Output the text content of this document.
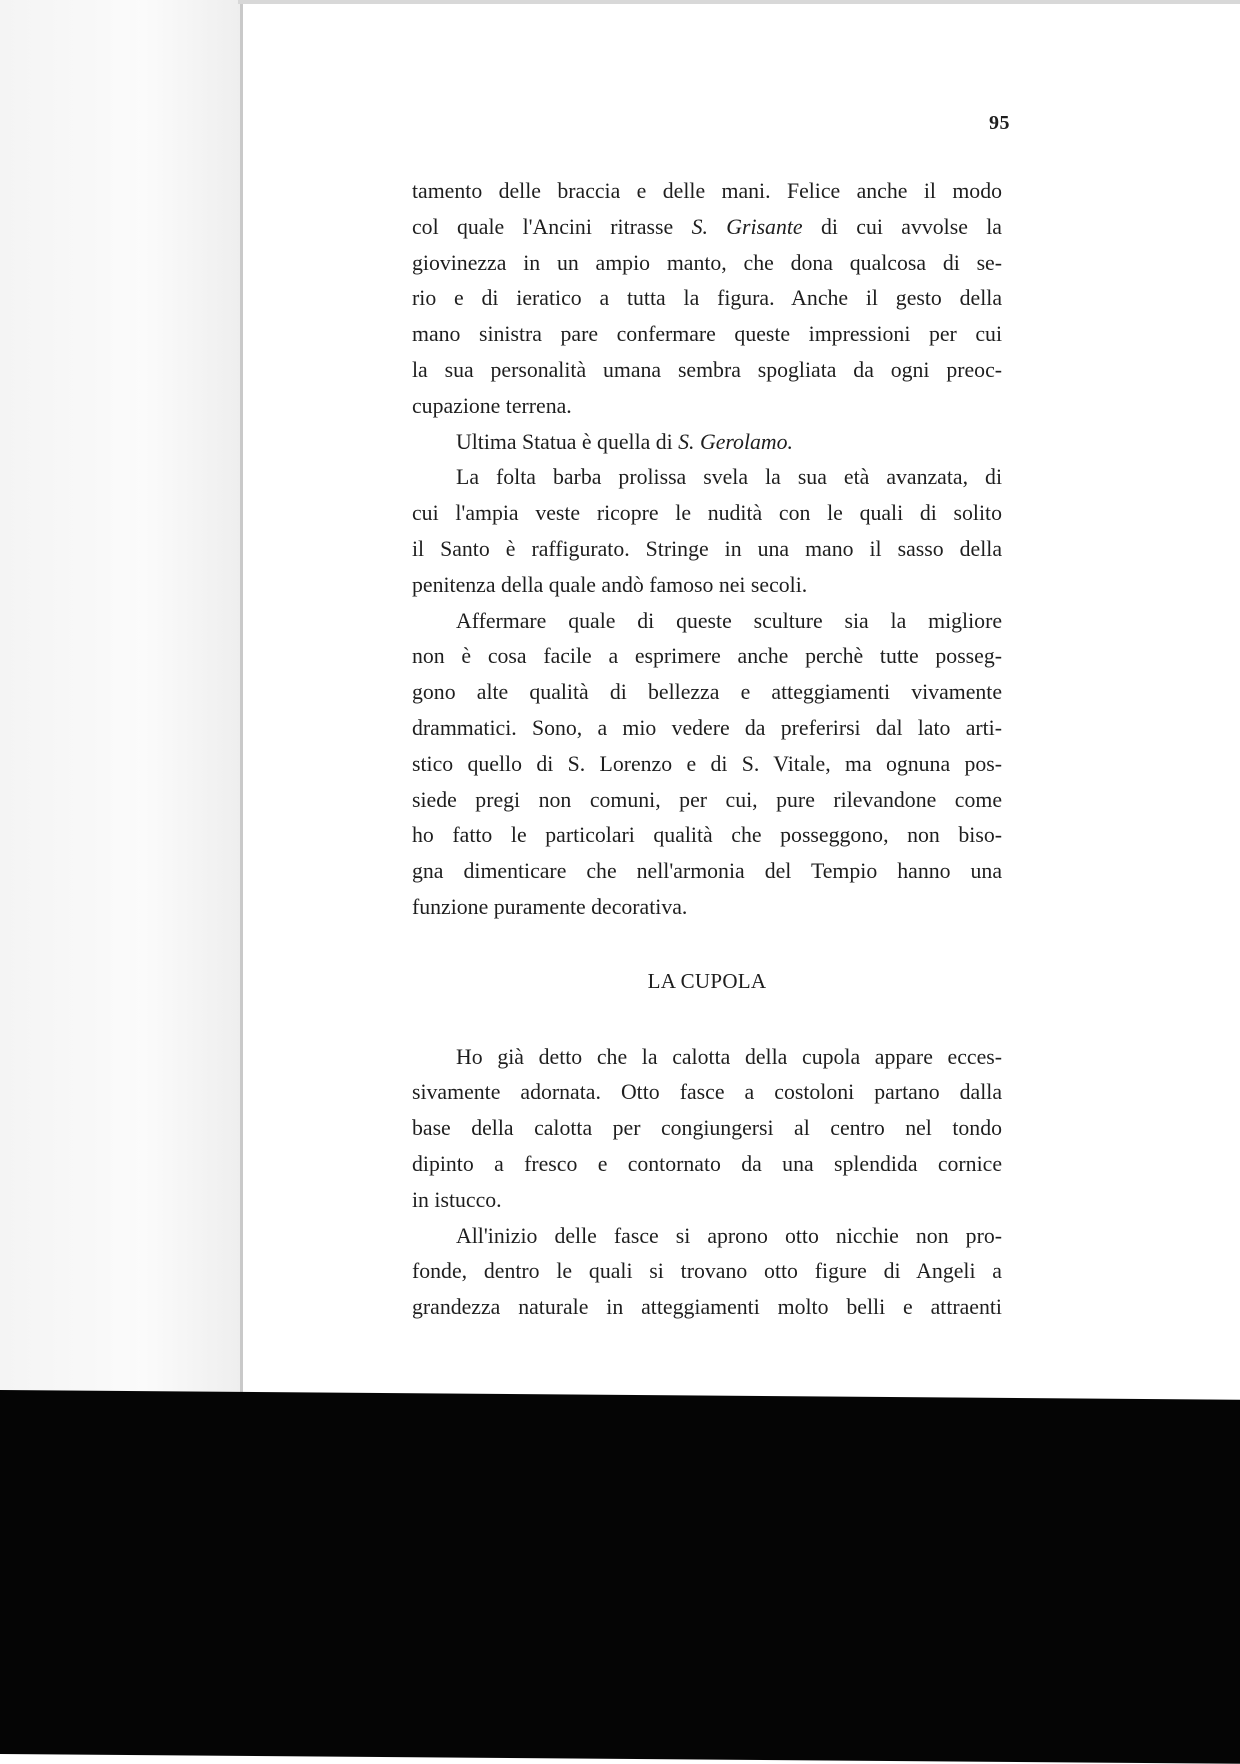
95
tamento delle braccia e delle mani. Felice anche il modo
col quale l'Ancini ritrasse S. Grisante di cui avvolse la
giovinezza in un ampio manto, che dona qualcosa di se-
rio e di ieratico a tutta la figura. Anche il gesto della
mano sinistra pare confermare queste impressioni per cui
la sua personalità umana sembra spogliata da ogni preoc-
cupazione terrena.
Ultima Statua è quella di S. Gerolamo.
La folta barba prolissa svela la sua età avanzata, di
cui l'ampia veste ricopre le nudità con le quali di solito
il Santo è raffigurato. Stringe in una mano il sasso della
penitenza della quale andò famoso nei secoli.
Affermare quale di queste sculture sia la migliore
non è cosa facile a esprimere anche perchè tutte posseg-
gono alte qualità di bellezza e atteggiamenti vivamente
drammatici. Sono, a mio vedere da preferirsi dal lato arti-
stico quello di S. Lorenzo e di S. Vitale, ma ognuna pos-
siede pregi non comuni, per cui, pure rilevandone come
ho fatto le particolari qualità che posseggono, non biso-
gna dimenticare che nell'armonia del Tempio hanno una
funzione puramente decorativa.
LA CUPOLA
Ho già detto che la calotta della cupola appare ecces-
sivamente adornata. Otto fasce a costoloni partano dalla
base della calotta per congiungersi al centro nel tondo
dipinto a fresco e contornato da una splendida cornice
in istucco.
All'inizio delle fasce si aprono otto nicchie non pro-
fonde, dentro le quali si trovano otto figure di Angeli a
grandezza naturale in atteggiamenti molto belli e attraenti
